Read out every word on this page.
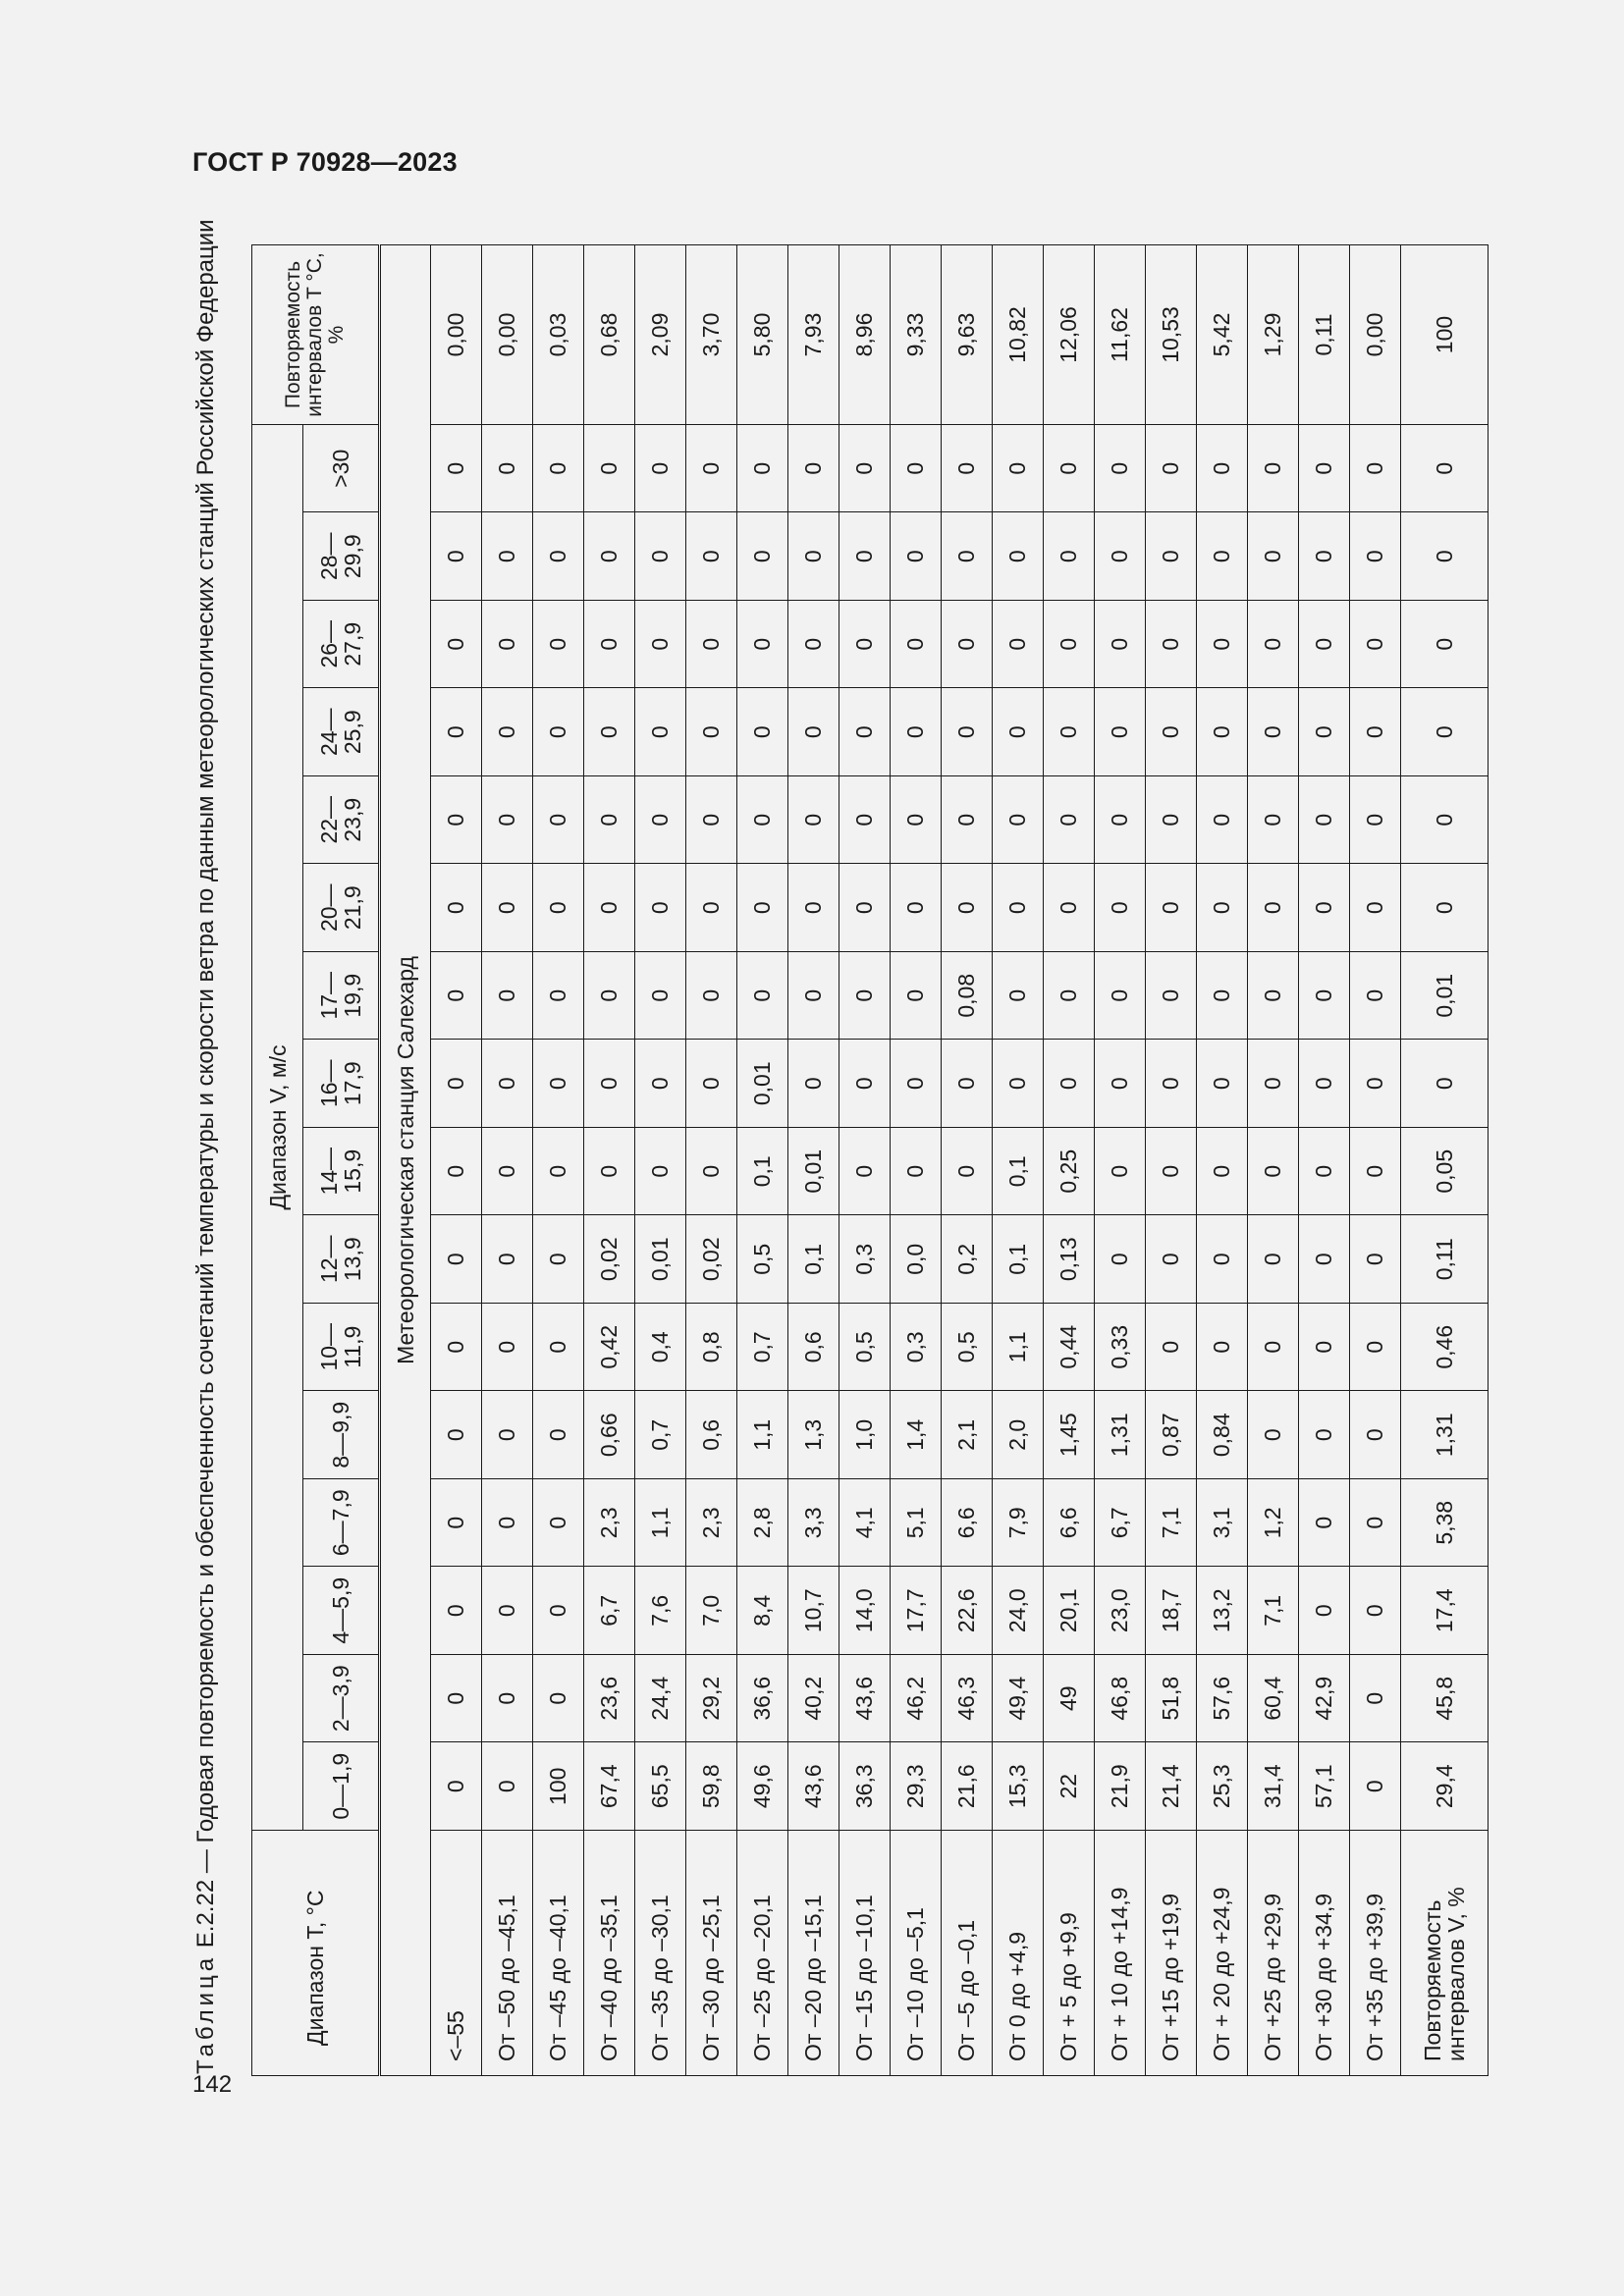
ГОСТ Р 70928—2023
142
Таблица Е.2.22 — Годовая повторяемость и обеспеченность сочетаний температуры и скорости ветра по данным метеорологических станций Российской Федерации
Диапазон T, °C	Диапазон V, м/с																Повторяемость интервалов T °C, %
	0—1,9	2—3,9	4—5,9	6—7,9	8—9,9	10—11,9	12—13,9	14—15,9	16—17,9	17—19,9	20—21,9	22—23,9	24—25,9	26—27,9	28—29,9	>30	
Метеорологическая станция Салехард																	
<–55	0	0	0	0	0	0	0	0	0	0	0	0	0	0	0	0	0,00
От –50 до –45,1	0	0	0	0	0	0	0	0	0	0	0	0	0	0	0	0	0,00
От –45 до –40,1	100	0	0	0	0	0	0	0	0	0	0	0	0	0	0	0	0,03
От –40 до –35,1	67,4	23,6	6,7	2,3	0,66	0,42	0,02	0	0	0	0	0	0	0	0	0	0,68
От –35 до –30,1	65,5	24,4	7,6	1,1	0,7	0,4	0,01	0	0	0	0	0	0	0	0	0	2,09
От –30 до –25,1	59,8	29,2	7,0	2,3	0,6	0,8	0,02	0	0	0	0	0	0	0	0	0	3,70
От –25 до –20,1	49,6	36,6	8,4	2,8	1,1	0,7	0,5	0,1	0,01	0	0	0	0	0	0	0	5,80
От –20 до –15,1	43,6	40,2	10,7	3,3	1,3	0,6	0,1	0,01	0	0	0	0	0	0	0	0	7,93
От –15 до –10,1	36,3	43,6	14,0	4,1	1,0	0,5	0,3	0	0	0	0	0	0	0	0	0	8,96
От –10 до –5,1	29,3	46,2	17,7	5,1	1,4	0,3	0,0	0	0	0	0	0	0	0	0	0	9,33
От –5 до –0,1	21,6	46,3	22,6	6,6	2,1	0,5	0,2	0	0	0,08	0	0	0	0	0	0	9,63
От 0 до +4,9	15,3	49,4	24,0	7,9	2,0	1,1	0,1	0,1	0	0	0	0	0	0	0	0	10,82
От + 5 до +9,9	22	49	20,1	6,6	1,45	0,44	0,13	0,25	0	0	0	0	0	0	0	0	12,06
От + 10 до +14,9	21,9	46,8	23,0	6,7	1,31	0,33	0	0	0	0	0	0	0	0	0	0	11,62
От +15 до +19,9	21,4	51,8	18,7	7,1	0,87	0	0	0	0	0	0	0	0	0	0	0	10,53
От + 20 до +24,9	25,3	57,6	13,2	3,1	0,84	0	0	0	0	0	0	0	0	0	0	0	5,42
От +25 до +29,9	31,4	60,4	7,1	1,2	0	0	0	0	0	0	0	0	0	0	0	0	1,29
От +30 до +34,9	57,1	42,9	0	0	0	0	0	0	0	0	0	0	0	0	0	0	0,11
От +35 до +39,9	0	0	0	0	0	0	0	0	0	0	0	0	0	0	0	0	0,00
Повторяемость интервалов V, %	29,4	45,8	17,4	5,38	1,31	0,46	0,11	0,05	0	0,01	0	0	0	0	0	0	100
